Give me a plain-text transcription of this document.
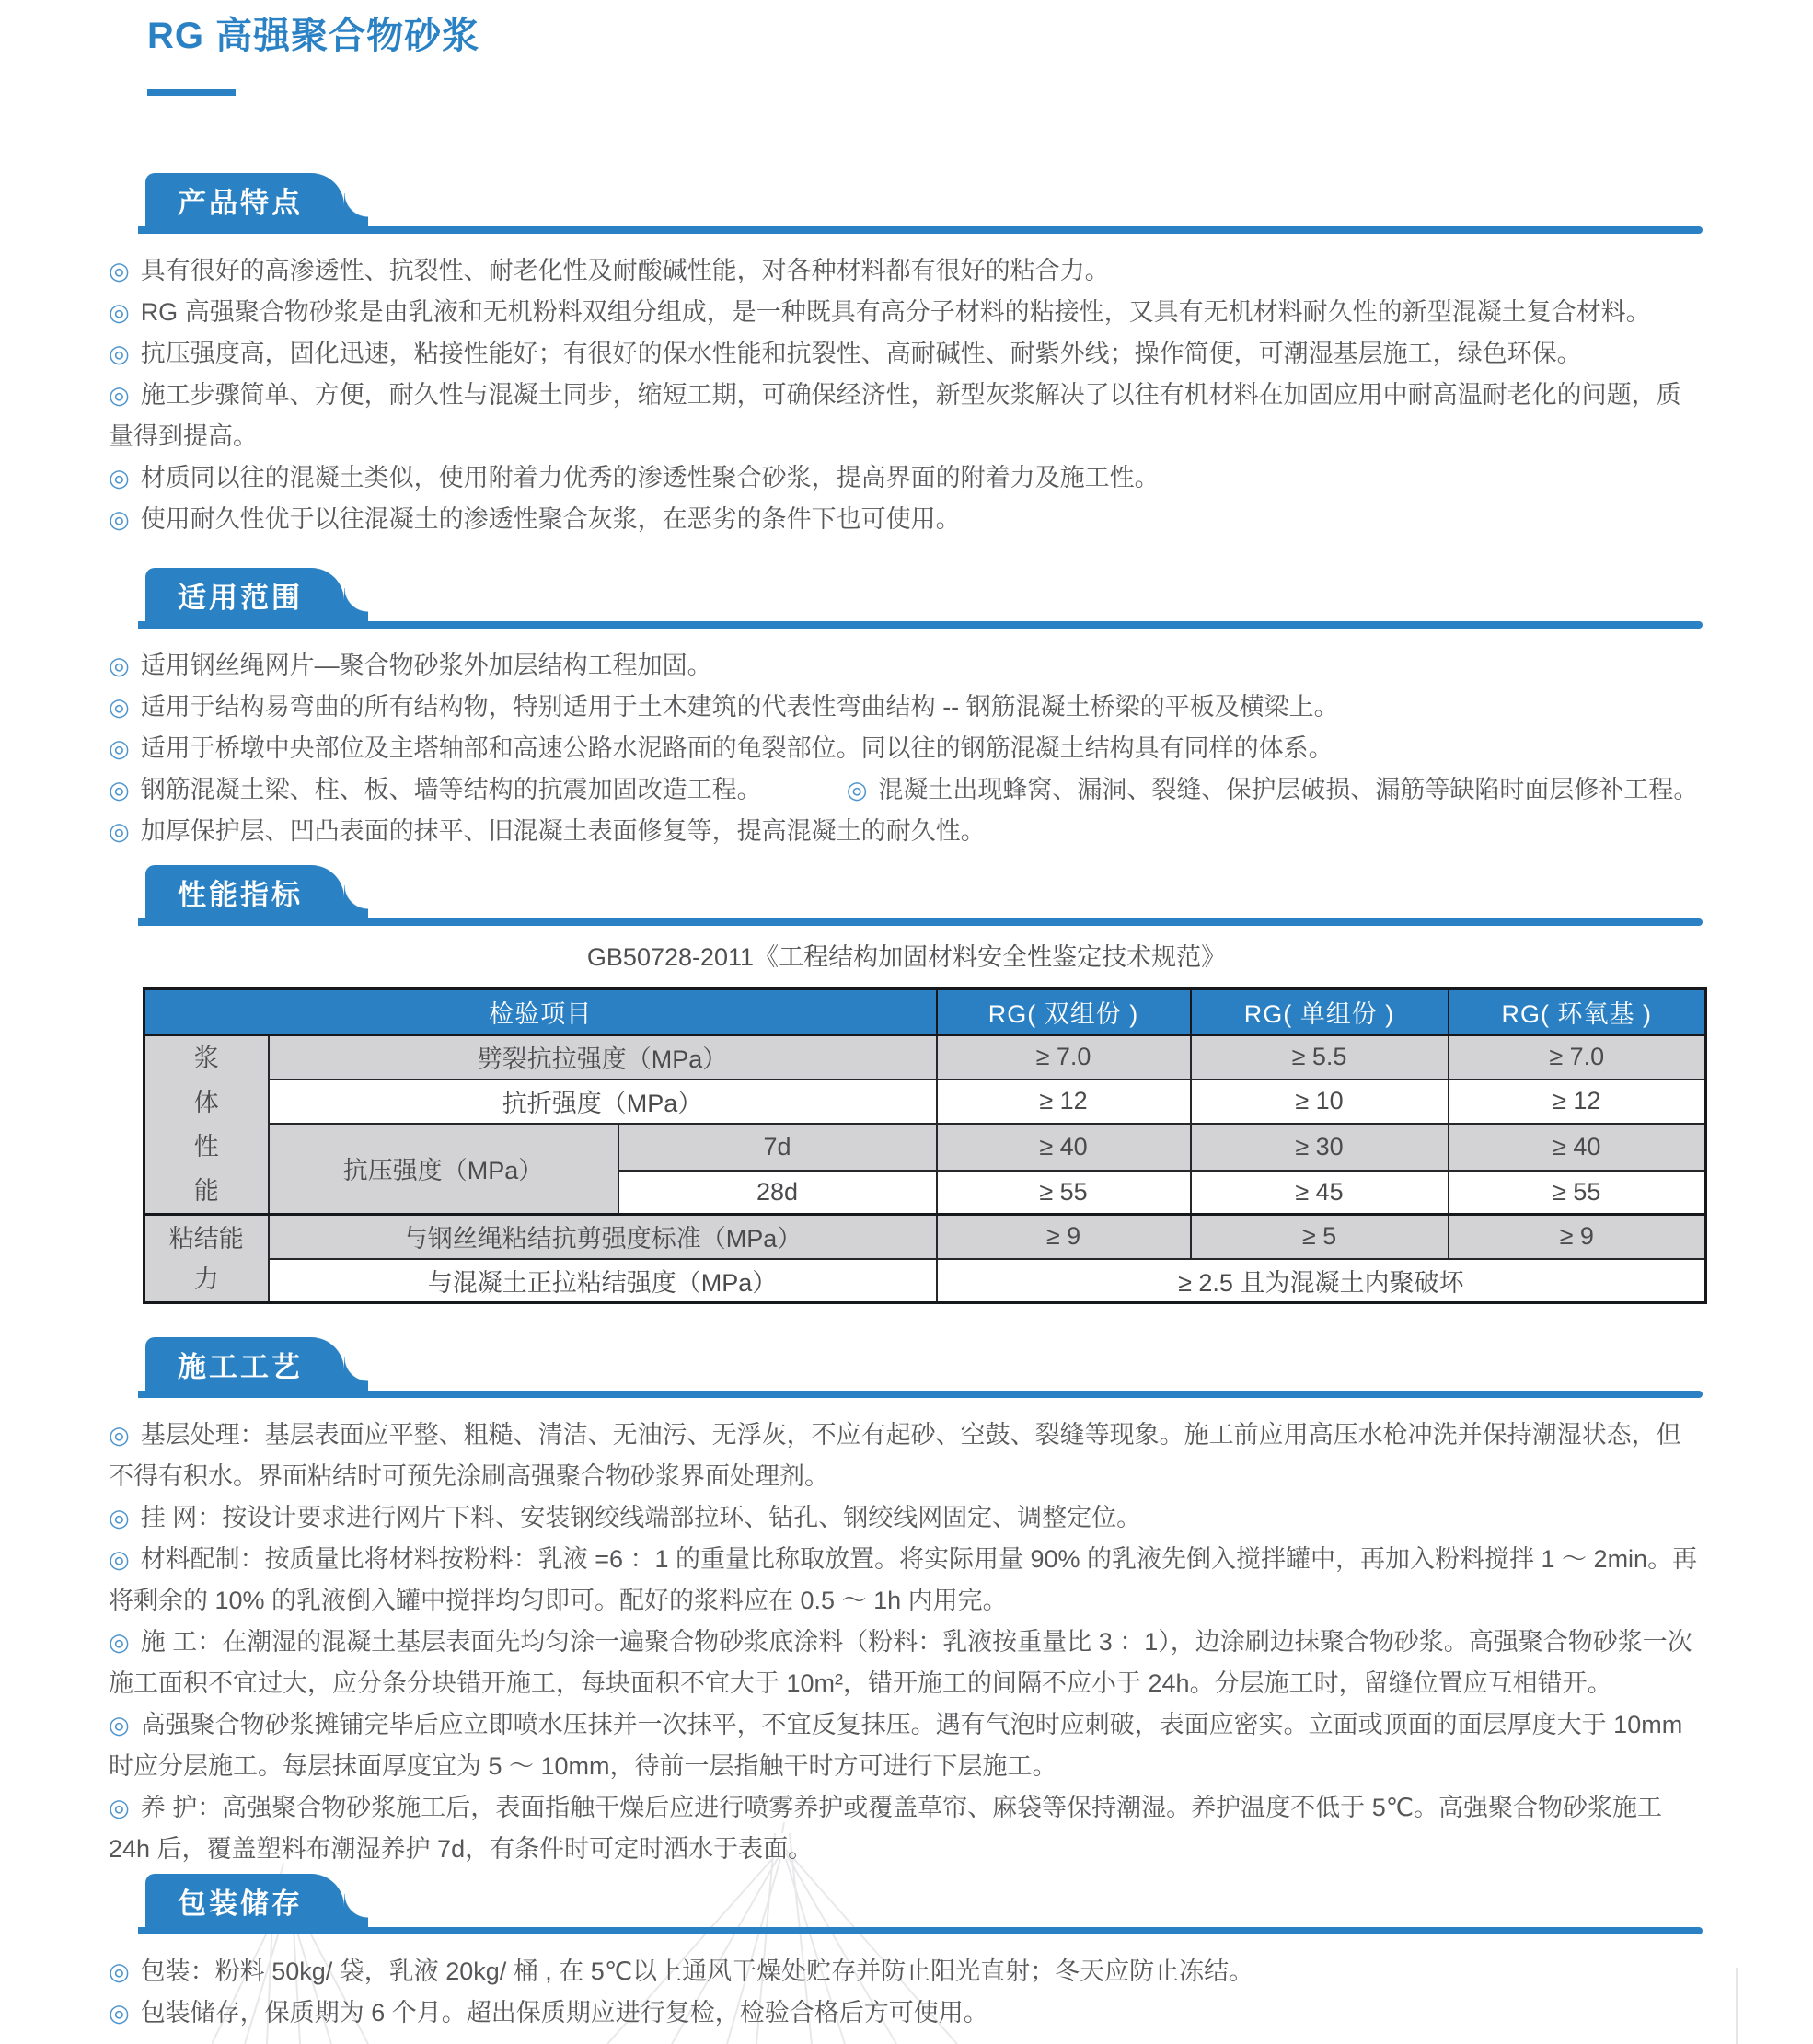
RG 高强聚合物砂浆
产品特点

◎ 具有很好的高渗透性、抗裂性、耐老化性及耐酸碱性能，对各种材料都有很好的粘合力。

◎ RG 高强聚合物砂浆是由乳液和无机粉料双组分组成，是一种既具有高分子材料的粘接性，又具有无机材料耐久性的新型混凝土复合材料。

◎ 抗压强度高，固化迅速，粘接性能好；有很好的保水性能和抗裂性、高耐碱性、耐紫外线；操作简便，可潮湿基层施工，绿色环保。

◎ 施工步骤简单、方便，耐久性与混凝土同步，缩短工期，可确保经济性，新型灰浆解决了以往有机材料在加固应用中耐高温耐老化的问题，质量得到提高。

◎ 材质同以往的混凝土类似，使用附着力优秀的渗透性聚合砂浆，提高界面的附着力及施工性。

◎ 使用耐久性优于以往混凝土的渗透性聚合灰浆，在恶劣的条件下也可使用。

适用范围

◎ 适用钢丝绳网片—聚合物砂浆外加层结构工程加固。

◎ 适用于结构易弯曲的所有结构物，特别适用于土木建筑的代表性弯曲结构 -- 钢筋混凝土桥梁的平板及横梁上。

◎ 适用于桥墩中央部位及主塔轴部和高速公路水泥路面的龟裂部位。同以往的钢筋混凝土结构具有同样的体系。

◎ 钢筋混凝土梁、柱、板、墙等结构的抗震加固改造工程。	◎ 混凝土出现蜂窝、漏洞、裂缝、保护层破损、漏筋等缺陷时面层修补工程。

◎ 加厚保护层、凹凸表面的抹平、旧混凝土表面修复等，提高混凝土的耐久性。

性能指标
GB50728-2011《工程结构加固材料安全性鉴定技术规范》
检验项目			RG( 双组份 )	RG( 单组份 )	RG( 环氧基 )
浆体性能	劈裂抗拉强度（MPa）		≥ 7.0	≥ 5.5	≥ 7.0
	抗折强度（MPa）		≥ 12	≥ 10	≥ 12
	抗压强度（MPa）	7d	≥ 40	≥ 30	≥ 40
		28d	≥ 55	≥ 45	≥ 55
粘结能力	与钢丝绳粘结抗剪强度标准（MPa）		≥ 9	≥ 5	≥ 9
	与混凝土正拉粘结强度（MPa）		≥ 2.5 且为混凝土内聚破坏		
施工工艺

◎ 基层处理：基层表面应平整、粗糙、清洁、无油污、无浮灰，不应有起砂、空鼓、裂缝等现象。施工前应用高压水枪冲洗并保持潮湿状态，但不得有积水。界面粘结时可预先涂刷高强聚合物砂浆界面处理剂。

◎ 挂 网：按设计要求进行网片下料、安装钢绞线端部拉环、钻孔、钢绞线网固定、调整定位。

◎ 材料配制：按质量比将材料按粉料：乳液 =6 ：1 的重量比称取放置。将实际用量 90% 的乳液先倒入搅拌罐中，再加入粉料搅拌 1 ～ 2min。再将剩余的 10% 的乳液倒入罐中搅拌均匀即可。配好的浆料应在 0.5 ～ 1h 内用完。

◎ 施 工：在潮湿的混凝土基层表面先均匀涂一遍聚合物砂浆底涂料（粉料：乳液按重量比 3 ：1），边涂刷边抹聚合物砂浆。高强聚合物砂浆一次施工面积不宜过大，应分条分块错开施工，每块面积不宜大于 10m²，错开施工的间隔不应小于 24h。分层施工时，留缝位置应互相错开。

◎ 高强聚合物砂浆摊铺完毕后应立即喷水压抹并一次抹平，不宜反复抹压。遇有气泡时应刺破，表面应密实。立面或顶面的面层厚度大于 10mm 时应分层施工。每层抹面厚度宜为 5 ～ 10mm，待前一层指触干时方可进行下层施工。

◎ 养 护：高强聚合物砂浆施工后，表面指触干燥后应进行喷雾养护或覆盖草帘、麻袋等保持潮湿。养护温度不低于 5℃。高强聚合物砂浆施工 24h 后，覆盖塑料布潮湿养护 7d，有条件时可定时洒水于表面。

包装储存

◎ 包装：粉料 50kg/ 袋，乳液 20kg/ 桶 , 在 5℃以上通风干燥处贮存并防止阳光直射；冬天应防止冻结。

◎ 包装储存，保质期为 6 个月。超出保质期应进行复检，检验合格后方可使用。
